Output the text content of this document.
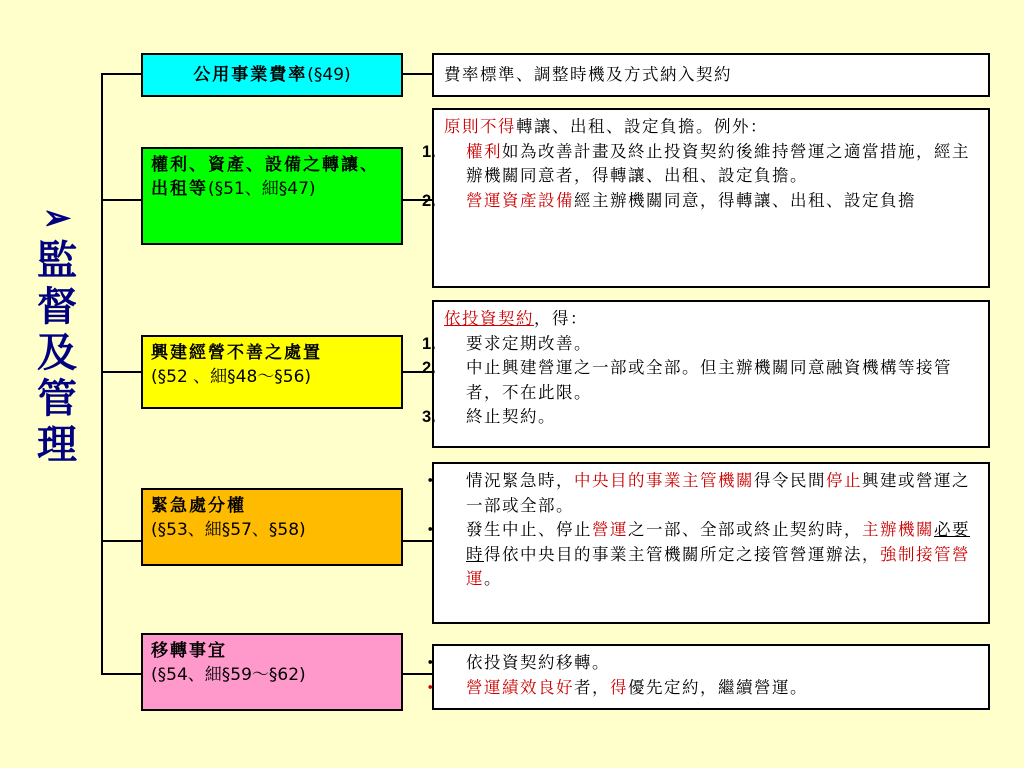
➢
監
督
及
管
理
公用事業費率(§49)	費率標準、調整時機及方式納入契約
權利、資產、設備之轉讓、出租等(§51、細§47)
原則不得轉讓、出租、設定負擔。例外：
1. 權利如為改善計畫及終止投資契約後維持營運之適當措施，經主辦機關同意者，得轉讓、出租、設定負擔。
2. 營運資產設備經主辦機關同意，得轉讓、出租、設定負擔
興建經營不善之處置
(§52 、細§48～§56)
依投資契約，得：
1. 要求定期改善。
2. 中止興建營運之一部或全部。但主辦機關同意融資機構等接管者，不在此限。
3. 終止契約。
緊急處分權
(§53、細§57、§58)
・ 情況緊急時，中央目的事業主管機關得令民間停止興建或營運之一部或全部。
・ 發生中止、停止營運之一部、全部或終止契約時，主辦機關必要時得依中央目的事業主管機關所定之接管營運辦法，強制接管營運。
移轉事宜
(§54、細§59～§62)
・ 依投資契約移轉。
・ 營運績效良好者，得優先定約，繼續營運。
